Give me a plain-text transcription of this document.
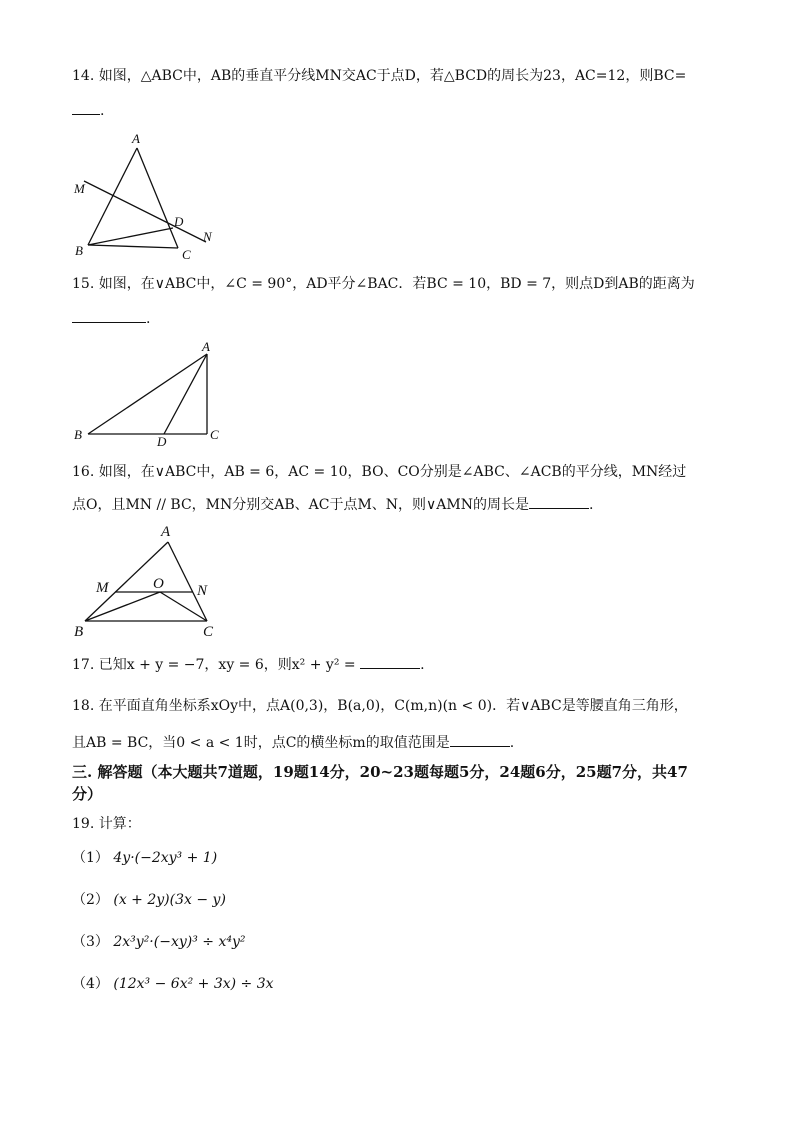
14. 如图，△ABC中，AB的垂直平分线MN交AC于点D，若△BCD的周长为23，AC=12，则BC=
.
A
M
D
N
B	C
15. 如图，在∨ABC中，∠C = 90°，AD平分∠BAC．若BC = 10，BD = 7，则点D到AB的距离为
.
A
B	D	C
16. 如图，在∨ABC中，AB = 6，AC = 10，BO、CO分别是∠ABC、∠ACB的平分线，MN经过
点O，且MN // BC，MN分别交AB、AC于点M、N，则∨AMN的周长是	.
A
M	O N
B	C
17. 已知x + y = −7，xy = 6，则x² + y² =	.
18. 在平面直角坐标系xOy中，点A(0,3)，B(a,0)，C(m,n)(n < 0)．若∨ABC是等腰直角三角形，
且AB = BC，当0 < a < 1时，点C的横坐标m的取值范围是	.
三. 解答题（本大题共7道题，19题14分，20~23题每题5分，24题6分，25题7分，共47
分）
19. 计算：
（1） 4y·(−2xy³ + 1)
（2） (x + 2y)(3x − y)
（3） 2x³y²·(−xy)³ ÷ x⁴y²
（4） (12x³ − 6x² + 3x) ÷ 3x
